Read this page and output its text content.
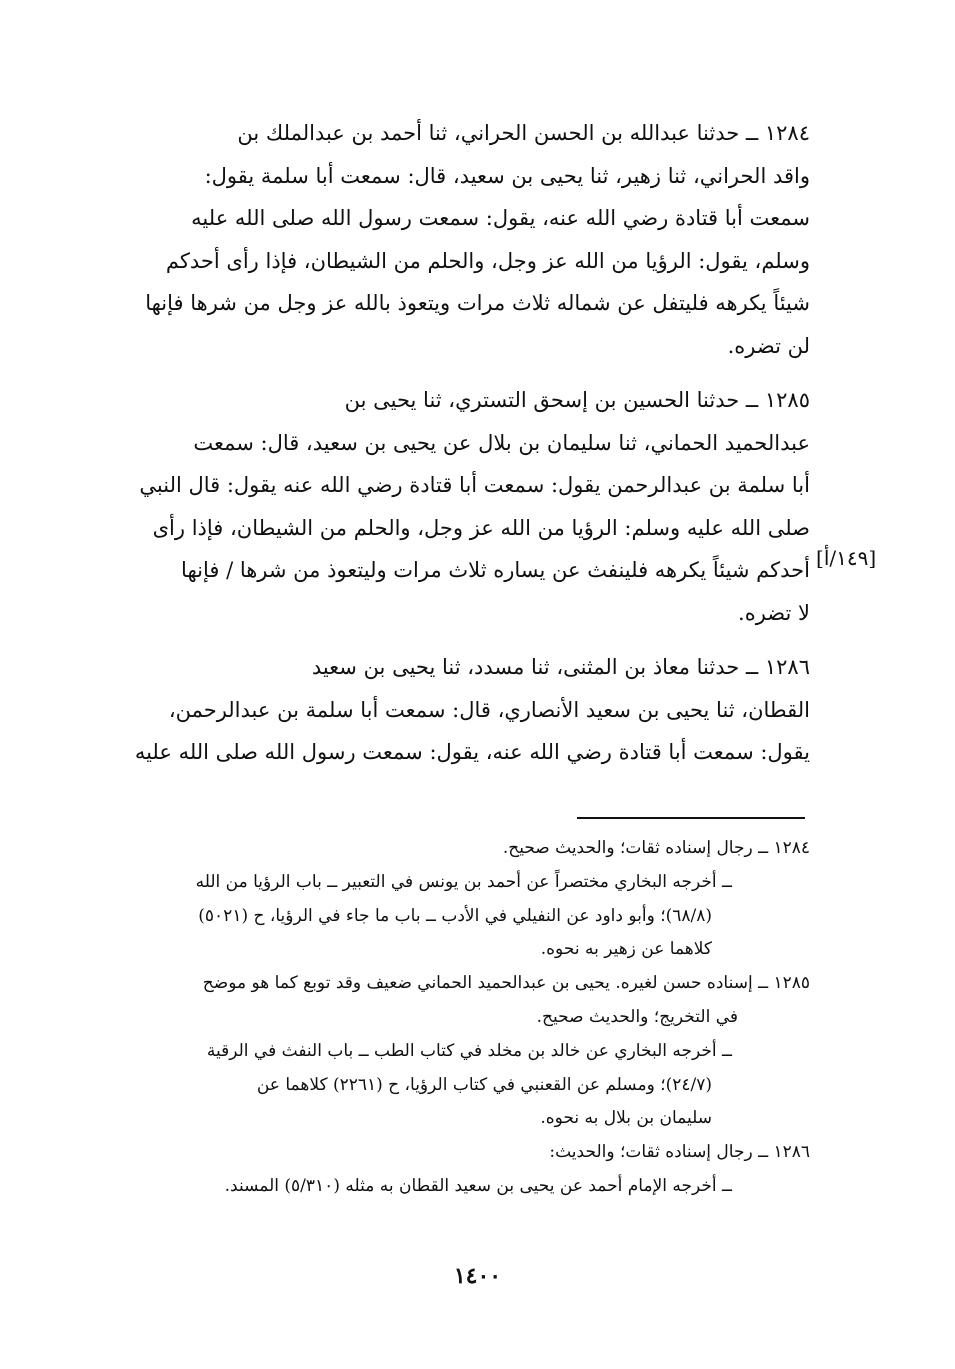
١٢٨٤ ــ حدثنا عبدالله بن الحسن الحراني، ثنا أحمد بن عبدالملك بن
واقد الحراني، ثنا زهير، ثنا يحيى بن سعيد، قال: سمعت أبا سلمة يقول:
سمعت أبا قتادة رضي الله عنه، يقول: سمعت رسول الله صلى الله عليه
وسلم، يقول: الرؤيا من الله عز وجل، والحلم من الشيطان، فإذا رأى أحدكم
شيئاً يكرهه فليتفل عن شماله ثلاث مرات ويتعوذ بالله عز وجل من شرها فإنها
لن تضره.

١٢٨٥ ــ حدثنا الحسين بن إسحق التستري، ثنا يحيى بن
عبدالحميد الحماني، ثنا سليمان بن بلال عن يحيى بن سعيد، قال: سمعت
أبا سلمة بن عبدالرحمن يقول: سمعت أبا قتادة رضي الله عنه يقول: قال النبي
صلى الله عليه وسلم: الرؤيا من الله عز وجل، والحلم من الشيطان، فإذا رأى
أحدكم شيئاً يكرهه فلينفث عن يساره ثلاث مرات وليتعوذ من شرها / فإنها
لا تضره.

١٢٨٦ ــ حدثنا معاذ بن المثنى، ثنا مسدد، ثنا يحيى بن سعيد
القطان، ثنا يحيى بن سعيد الأنصاري، قال: سمعت أبا سلمة بن عبدالرحمن،
يقول: سمعت أبا قتادة رضي الله عنه، يقول: سمعت رسول الله صلى الله عليه

[١٤٩/أ]
١٢٨٤ ــ رجال إسناده ثقات؛ والحديث صحيح.
ــ أخرجه البخاري مختصراً عن أحمد بن يونس في التعبير ــ باب الرؤيا من الله
(٦٨/٨)؛ وأبو داود عن النفيلي في الأدب ــ باب ما جاء في الرؤيا، ح (٥٠٢١)
كلاهما عن زهير به نحوه.
١٢٨٥ ــ إسناده حسن لغيره. يحيى بن عبدالحميد الحماني ضعيف وقد توبع كما هو موضح
في التخريج؛ والحديث صحيح.
ــ أخرجه البخاري عن خالد بن مخلد في كتاب الطب ــ باب النفث في الرقية
(٢٤/٧)؛ ومسلم عن القعنبي في كتاب الرؤيا، ح (٢٢٦١) كلاهما عن
سليمان بن بلال به نحوه.
١٢٨٦ ــ رجال إسناده ثقات؛ والحديث:
ــ أخرجه الإمام أحمد عن يحيى بن سعيد القطان به مثله (٥/٣١٠) المسند.
١٤٠٠
